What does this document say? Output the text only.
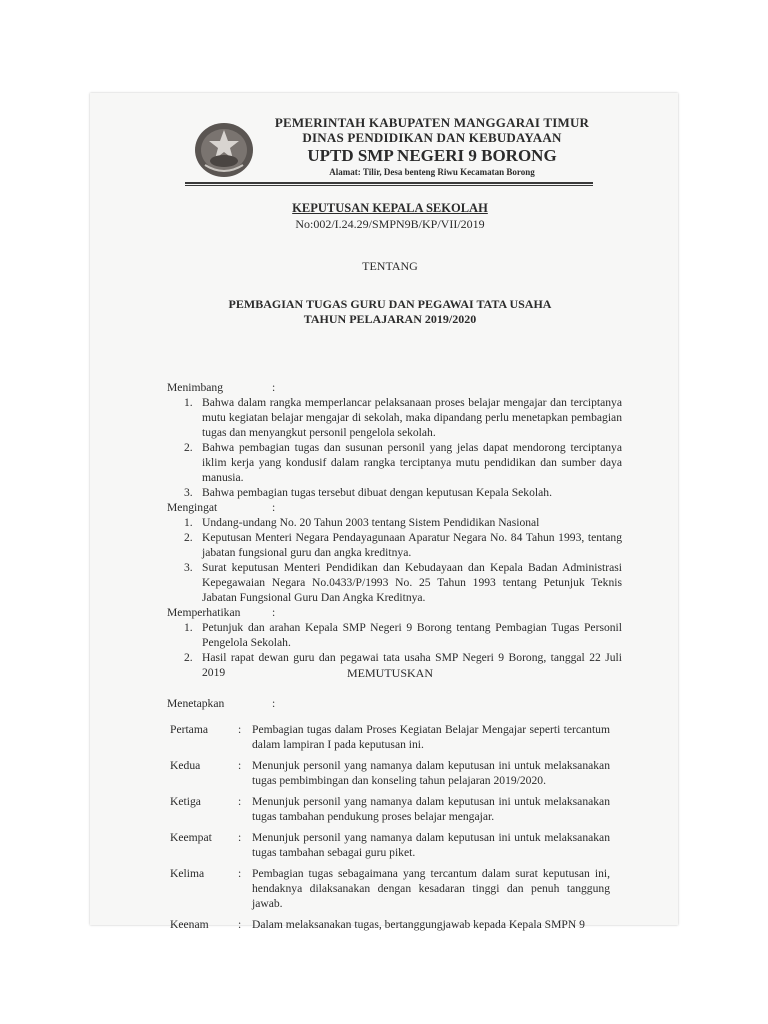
PEMERINTAH KABUPATEN MANGGARAI TIMUR
DINAS PENDIDIKAN DAN KEBUDAYAAN
UPTD SMP NEGERI 9 BORONG
Alamat: Tilir, Desa benteng Riwu Kecamatan Borong
KEPUTUSAN KEPALA SEKOLAH
No:002/I.24.29/SMPN9B/KP/VII/2019
TENTANG
PEMBAGIAN TUGAS GURU DAN PEGAWAI TATA USAHA
TAHUN PELAJARAN 2019/2020
Menimbang	:
1. Bahwa dalam rangka memperlancar pelaksanaan proses belajar mengajar dan terciptanya mutu kegiatan belajar mengajar di sekolah, maka dipandang perlu menetapkan pembagian tugas dan menyangkut personil pengelola sekolah.
2. Bahwa pembagian tugas dan susunan personil yang jelas dapat mendorong terciptanya iklim kerja yang kondusif dalam rangka terciptanya mutu pendidikan dan sumber daya manusia.
3. Bahwa pembagian tugas tersebut dibuat dengan keputusan Kepala Sekolah.
Mengingat	:
1. Undang-undang No. 20 Tahun 2003 tentang Sistem Pendidikan Nasional
2. Keputusan Menteri Negara Pendayagunaan Aparatur Negara No. 84 Tahun 1993, tentang jabatan fungsional guru dan angka kreditnya.
3. Surat keputusan Menteri Pendidikan dan Kebudayaan dan Kepala Badan Administrasi Kepegawaian Negara No.0433/P/1993 No. 25 Tahun 1993 tentang Petunjuk Teknis Jabatan Fungsional Guru Dan Angka Kreditnya.
Memperhatikan	:
1. Petunjuk dan arahan Kepala SMP Negeri 9 Borong tentang Pembagian Tugas Personil Pengelola Sekolah.
2. Hasil rapat dewan guru dan pegawai tata usaha SMP Negeri 9 Borong, tanggal 22 Juli 2019	MEMUTUSKAN
Menetapkan	:
Pertama	: Pembagian tugas dalam Proses Kegiatan Belajar Mengajar seperti tercantum dalam lampiran I pada keputusan ini.
Kedua	: Menunjuk personil yang namanya dalam keputusan ini untuk melaksanakan tugas pembimbingan dan konseling tahun pelajaran 2019/2020.
Ketiga	: Menunjuk personil yang namanya dalam keputusan ini untuk melaksanakan tugas tambahan pendukung proses belajar mengajar.
Keempat	: Menunjuk personil yang namanya dalam keputusan ini untuk melaksanakan tugas tambahan sebagai guru piket.
Kelima	: Pembagian tugas sebagaimana yang tercantum dalam surat keputusan ini, hendaknya dilaksanakan dengan kesadaran tinggi dan penuh tanggung jawab.
Keenam	: Dalam melaksanakan tugas, bertanggungjawab kepada Kepala SMPN 9
